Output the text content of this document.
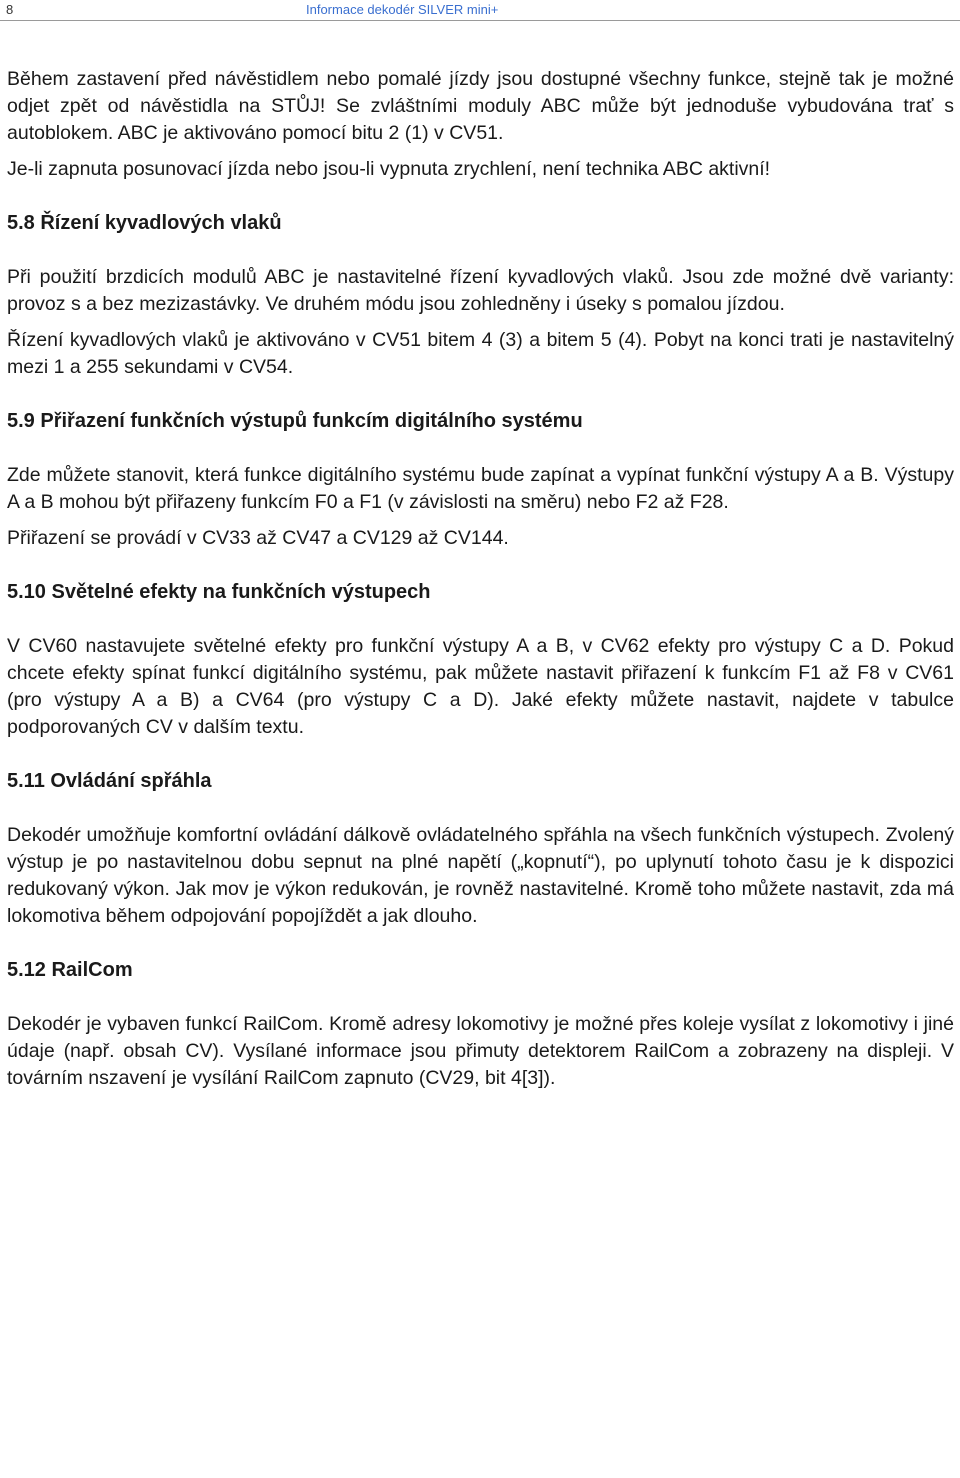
8	Informace dekodér SILVER mini+

Během zastavení před návěstidlem nebo pomalé jízdy jsou dostupné všechny funkce, stejně tak je možné odjet zpět od návěstidla na STŮJ! Se zvláštními moduly ABC může být jednoduše vybudována trať s autoblokem. ABC je aktivováno pomocí bitu 2 (1) v CV51.

Je-li zapnuta posunovací jízda nebo jsou-li vypnuta zrychlení, není technika ABC aktivní!

5.8 Řízení kyvadlových vlaků

Při použití brzdicích modulů ABC je nastavitelné řízení kyvadlových vlaků. Jsou zde možné dvě varianty: provoz s a bez mezizastávky. Ve druhém módu jsou zohledněny i úseky s pomalou jízdou.

Řízení kyvadlových vlaků je aktivováno v CV51 bitem 4 (3) a bitem 5 (4). Pobyt na konci trati je nastavitelný mezi 1 a 255 sekundami v CV54.

5.9 Přiřazení funkčních výstupů funkcím digitálního systému

Zde můžete stanovit, která funkce digitálního systému bude zapínat a vypínat funkční výstupy A a B. Výstupy A a B mohou být přiřazeny funkcím F0 a F1 (v závislosti na směru) nebo F2 až F28.

Přiřazení se provádí v CV33 až CV47 a CV129 až CV144.

5.10 Světelné efekty na funkčních výstupech

V CV60 nastavujete světelné efekty pro funkční výstupy A a B, v CV62 efekty pro výstupy C a D. Pokud chcete efekty spínat funkcí digitálního systému, pak můžete nastavit přiřazení k funkcím F1 až F8 v CV61 (pro výstupy A a B) a CV64 (pro výstupy C a D). Jaké efekty můžete nastavit, najdete v tabulce podporovaných CV v dalším textu.

5.11 Ovládání spřáhla

Dekodér umožňuje komfortní ovládání dálkově ovládatelného spřáhla na všech funkčních výstupech. Zvolený výstup je po nastavitelnou dobu sepnut na plné napětí („kopnutí“), po uplynutí tohoto času je k dispozici redukovaný výkon. Jak mov je výkon redukován, je rovněž nastavitelné. Kromě toho můžete nastavit, zda má lokomotiva během odpojování popojíždět a jak dlouho.

5.12 RailCom

Dekodér je vybaven funkcí RailCom. Kromě adresy lokomotivy je možné přes koleje vysílat z lokomotivy i jiné údaje (např. obsah CV). Vysílané informace jsou přimuty detektorem RailCom a zobrazeny na displeji. V továrním nszavení je vysílání RailCom zapnuto (CV29, bit 4[3]).
